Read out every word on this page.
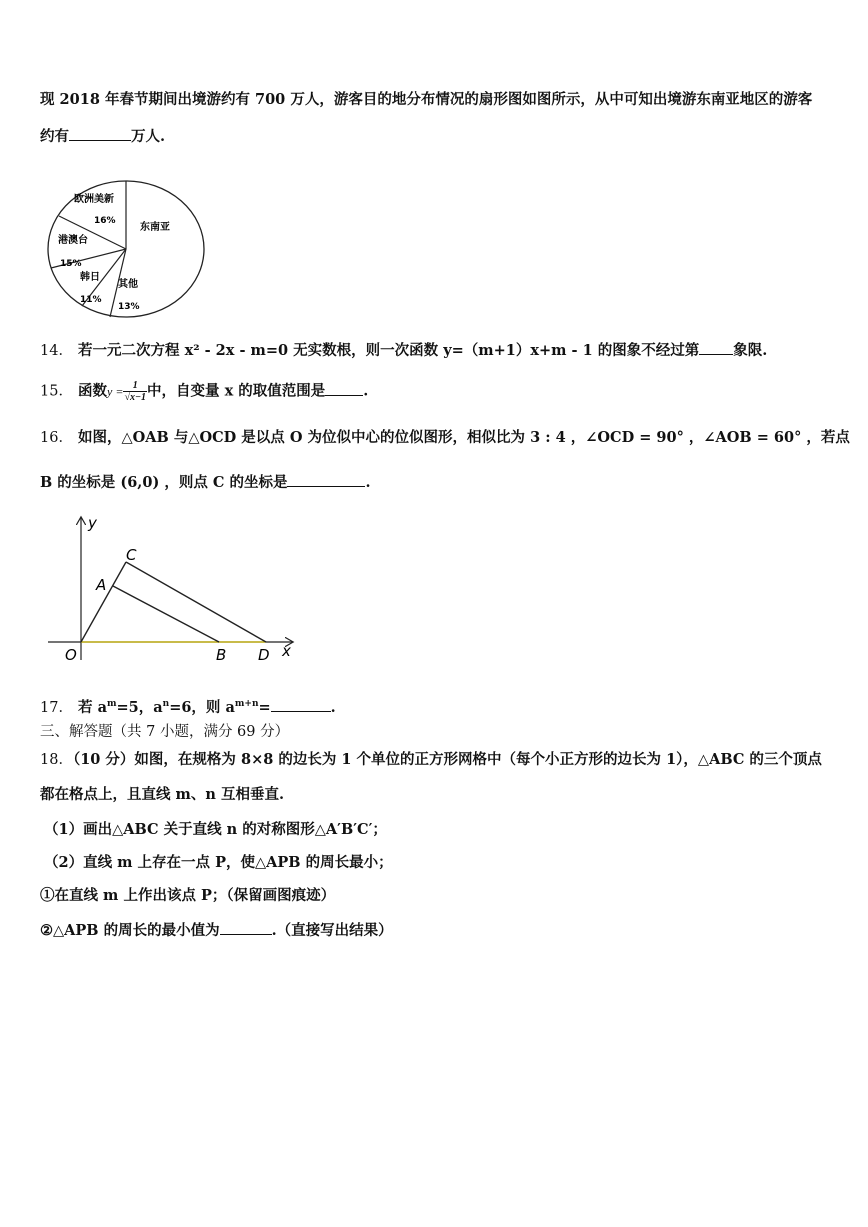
现 2018 年春节期间出境游约有 700 万人，游客目的地分布情况的扇形图如图所示，从中可知出境游东南亚地区的游客
约有	万人.
东南亚
欧洲美新
16%
港澳台
15%
韩日
11%
其他
13%
14． 若一元二次方程 x² - 2x - m=0 无实数根，则一次函数 y=（m+1）x+m - 1 的图象不经过第 象限.
15． 函数$y = \frac{1}{√x-1}$ 中，自变量 x 的取值范围是	.
16． 如图，△OAB 与△OCD 是以点 O 为位似中心的位似图形，相似比为 3 : 4 ，∠OCD = 90° ，∠AOB = 60° ，若点
B 的坐标是 (6,0) ，则点 C 的坐标是	.
y
x
O
A
B
C
D
17． 若 $a^m=5$，$a^n=6$，则 $a^{m+n}=$	.
三、解答题（共 7 小题，满分 69 分）
18．（10 分）如图，在规格为 8×8 的边长为 1 个单位的正方形网格中（每个小正方形的边长为 1），△ABC 的三个顶点
都在格点上，且直线 m、n 互相垂直.
（1）画出△ABC 关于直线 n 的对称图形△A′B′C′；
（2）直线 m 上存在一点 P，使△APB 的周长最小；
①在直线 m 上作出该点 P；（保留画图痕迹）
②△APB 的周长的最小值为	.（直接写出结果）
